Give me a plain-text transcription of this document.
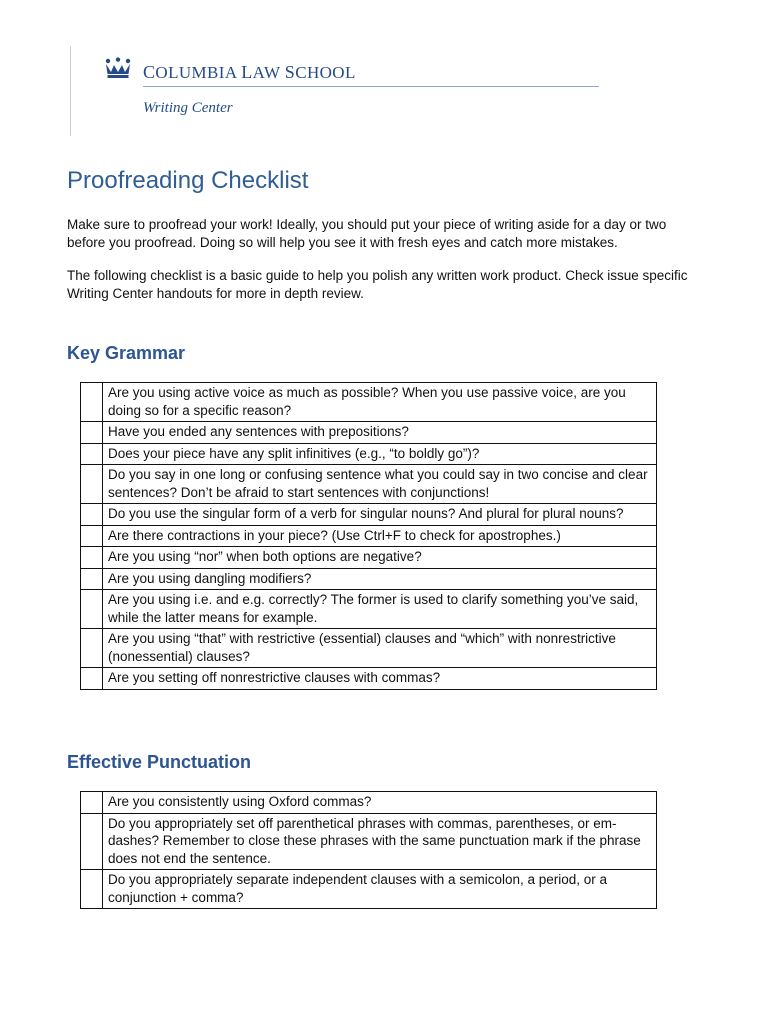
COLUMBIA LAW SCHOOL
Writing Center
Proofreading Checklist

Make sure to proofread your work! Ideally, you should put your piece of writing aside for a day or two before you proofread. Doing so will help you see it with fresh eyes and catch more mistakes.

The following checklist is a basic guide to help you polish any written work product. Check issue specific Writing Center handouts for more in depth review.

Key Grammar
	Are you using active voice as much as possible? When you use passive voice, are you doing so for a specific reason?
	Have you ended any sentences with prepositions?
	Does your piece have any split infinitives (e.g., “to boldly go”)?
	Do you say in one long or confusing sentence what you could say in two concise and clear sentences? Don’t be afraid to start sentences with conjunctions!
	Do you use the singular form of a verb for singular nouns? And plural for plural nouns?
	Are there contractions in your piece? (Use Ctrl+F to check for apostrophes.)
	Are you using “nor” when both options are negative?
	Are you using dangling modifiers?
	Are you using i.e. and e.g. correctly? The former is used to clarify something you’ve said, while the latter means for example.
	Are you using “that” with restrictive (essential) clauses and “which” with nonrestrictive (nonessential) clauses?
	Are you setting off nonrestrictive clauses with commas?
Effective Punctuation
	Are you consistently using Oxford commas?
	Do you appropriately set off parenthetical phrases with commas, parentheses, or em-dashes? Remember to close these phrases with the same punctuation mark if the phrase does not end the sentence.
	Do you appropriately separate independent clauses with a semicolon, a period, or a conjunction + comma?
